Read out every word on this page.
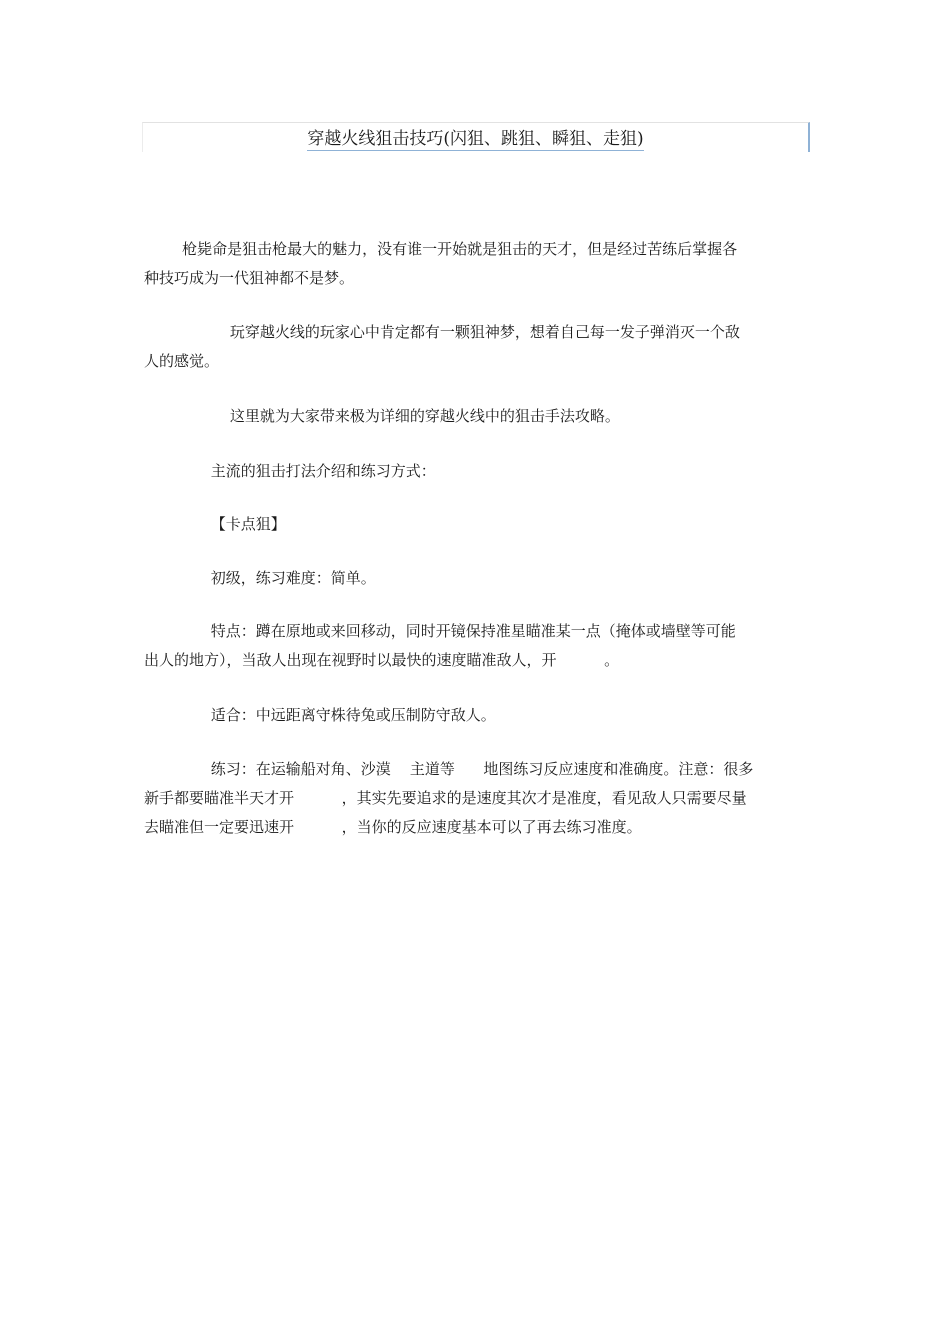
穿越火线狙击技巧(闪狙、跳狙、瞬狙、走狙)

枪毙命是狙击枪最大的魅力，没有谁一开始就是狙击的天才，但是经过苦练后掌握各
种技巧成为一代狙神都不是梦。

玩穿越火线的玩家心中肯定都有一颗狙神梦，想着自己每一发子弹消灭一个敌
人的感觉。

这里就为大家带来极为详细的穿越火线中的狙击手法攻略。

主流的狙击打法介绍和练习方式：

【卡点狙】

初级，练习难度：简单。

特点：蹲在原地或来回移动，同时开镜保持准星瞄准某一点（掩体或墙壁等可能
出人的地方），当敌人出现在视野时以最快的速度瞄准敌人，开          。

适合：中远距离守株待兔或压制防守敌人。

练习：在运输船对角、沙漠    主道等      地图练习反应速度和准确度。注意：很多
新手都要瞄准半天才开          ，其实先要追求的是速度其次才是准度，看见敌人只需要尽量
去瞄准但一定要迅速开          ，当你的反应速度基本可以了再去练习准度。
